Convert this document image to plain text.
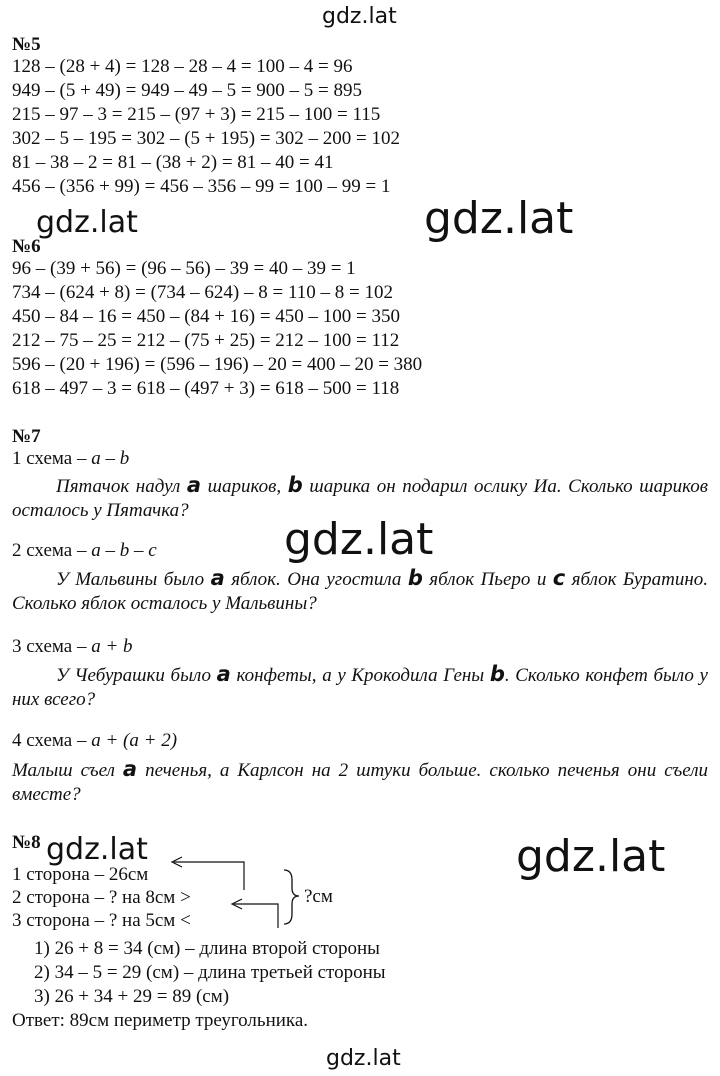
gdz.lat
gdz.lat	gdz.lat
gdz.lat
gdz.lat	gdz.lat
gdz.lat
№5
128 – (28 + 4) = 128 – 28 – 4 = 100 – 4 = 96
949 – (5 + 49) = 949 – 49 – 5 = 900 – 5 = 895
215 – 97 – 3 = 215 – (97 + 3) = 215 – 100 = 115
302 – 5 – 195 = 302 – (5 + 195) = 302 – 200 = 102
81 – 38 – 2 = 81 – (38 + 2) = 81 – 40 = 41
456 – (356 + 99) = 456 – 356 – 99 = 100 – 99 = 1
№6
96 – (39 + 56) = (96 – 56) – 39 = 40 – 39 = 1
734 – (624 + 8) = (734 – 624) – 8 = 110 – 8 = 102
450 – 84 – 16 = 450 – (84 + 16) = 450 – 100 = 350
212 – 75 – 25 = 212 – (75 + 25) = 212 – 100 = 112
596 – (20 + 196) = (596 – 196) – 20 = 400 – 20 = 380
618 – 497 – 3 = 618 – (497 + 3) = 618 – 500 = 118
№7
1 схема – a – b
Пятачок надул a шариков, b шарика он подарил ослику Иа. Сколько шариков осталось у Пятачка?
2 схема – a – b – c
У Мальвины было a яблок. Она угостила b яблок Пьеро и c яблок Буратино. Сколько яблок осталось у Мальвины?
3 схема – a + b
У Чебурашки было a конфеты, а у Крокодила Гены b. Сколько конфет было у них всего?
4 схема – a + (a + 2)
Малыш съел a печенья, а Карлсон на 2 штуки больше. сколько печенья они съели вместе?
№8
1 сторона – 26см
2 сторона – ? на 8см >
3 сторона – ? на 5см <
?см
1) 26 + 8 = 34 (см) – длина второй стороны
2) 34 – 5 = 29 (см) – длина третьей стороны
3) 26 + 34 + 29 = 89 (см)
Ответ: 89см периметр треугольника.
